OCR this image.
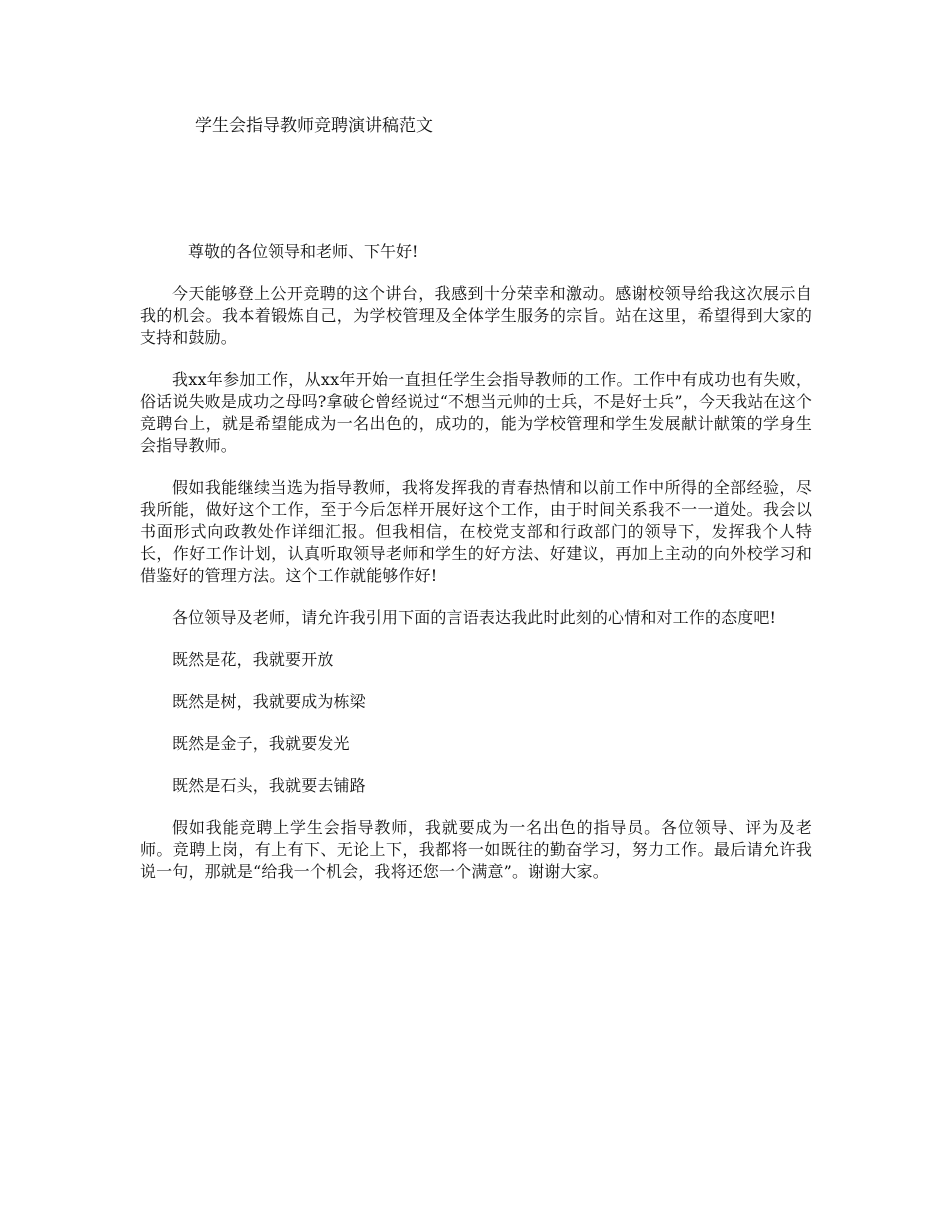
学生会指导教师竞聘演讲稿范文

尊敬的各位领导和老师、下午好!

今天能够登上公开竞聘的这个讲台，我感到十分荣幸和激动。感谢校领导给我这次展示自我的机会。我本着锻炼自己，为学校管理及全体学生服务的宗旨。站在这里，希望得到大家的支持和鼓励。

我xx年参加工作，从xx年开始一直担任学生会指导教师的工作。工作中有成功也有失败，俗话说失败是成功之母吗?拿破仑曾经说过“不想当元帅的士兵，不是好士兵”，今天我站在这个竞聘台上，就是希望能成为一名出色的，成功的，能为学校管理和学生发展献计献策的学身生会指导教师。

假如我能继续当选为指导教师，我将发挥我的青春热情和以前工作中所得的全部经验，尽我所能，做好这个工作，至于今后怎样开展好这个工作，由于时间关系我不一一道处。我会以书面形式向政教处作详细汇报。但我相信，在校党支部和行政部门的领导下，发挥我个人特长，作好工作计划，认真听取领导老师和学生的好方法、好建议，再加上主动的向外校学习和借鉴好的管理方法。这个工作就能够作好!

各位领导及老师，请允许我引用下面的言语表达我此时此刻的心情和对工作的态度吧!

既然是花，我就要开放

既然是树，我就要成为栋梁

既然是金子，我就要发光

既然是石头，我就要去铺路

假如我能竞聘上学生会指导教师，我就要成为一名出色的指导员。各位领导、评为及老师。竞聘上岗，有上有下、无论上下，我都将一如既往的勤奋学习，努力工作。最后请允许我说一句，那就是“给我一个机会，我将还您一个满意”。谢谢大家。
